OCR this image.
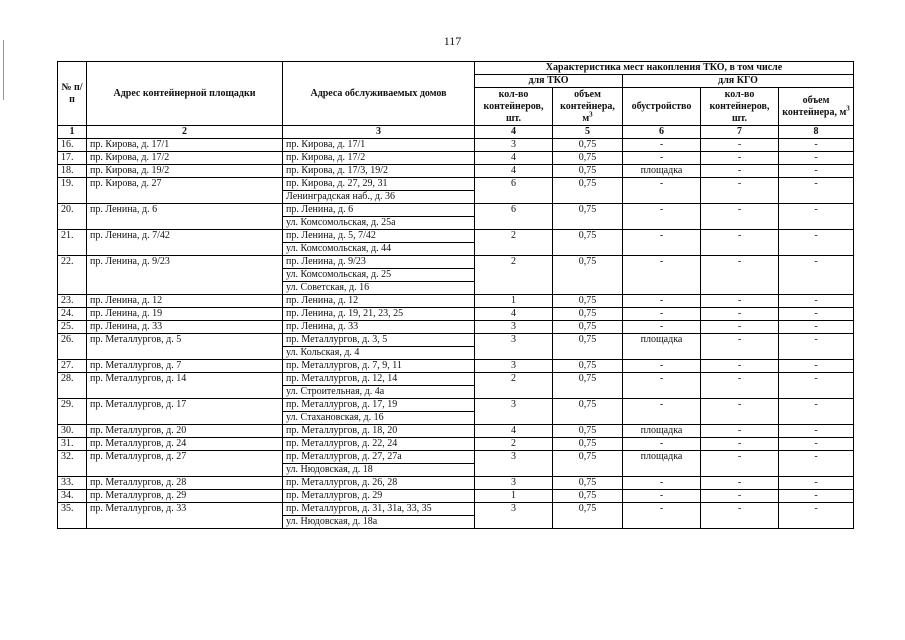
117
№ п/п	Адрес контейнерной площадки	Адреса обслуживаемых домов	Характеристика мест накопления ТКО, в том числе				
			для ТКО		для КГО		
			кол-во контейнеров, шт.	объем контейнера, $м^3$	обустройство	кол-во контейнеров, шт.	объем контейнера, $м^3$
1	2	3	4	5	6	7	8
16.	пр. Кирова, д. 17/1	пр. Кирова, д. 17/1	3	0,75	-	-	-
17.	пр. Кирова, д. 17/2	пр. Кирова, д. 17/2	4	0,75	-	-	-
18.	пр. Кирова, д. 19/2	пр. Кирова, д. 17/3, 19/2	4	0,75	площадка	-	-
19.	пр. Кирова, д. 27	пр. Кирова, д. 27, 29, 31	6	0,75	-	-	-
		Ленинградская наб., д. 36					
20.	пр. Ленина, д. 6	пр. Ленина, д. 6	6	0,75	-	-	-
		ул. Комсомольская, д. 25а					
21.	пр. Ленина, д. 7/42	пр. Ленина, д. 5, 7/42	2	0,75	-	-	-
		ул. Комсомольская, д. 44					
22.	пр. Ленина, д. 9/23	пр. Ленина, д. 9/23	2	0,75	-	-	-
		ул. Комсомольская, д. 25					
		ул. Советская, д. 16					
23.	пр. Ленина, д. 12	пр. Ленина, д. 12	1	0,75	-	-	-
24.	пр. Ленина, д. 19	пр. Ленина, д. 19, 21, 23, 25	4	0,75	-	-	-
25.	пр. Ленина, д. 33	пр. Ленина, д. 33	3	0,75	-	-	-
26.	пр. Металлургов, д. 5	пр. Металлургов, д. 3, 5	3	0,75	площадка	-	-
		ул. Кольская, д. 4					
27.	пр. Металлургов, д. 7	пр. Металлургов, д. 7, 9, 11	3	0,75	-	-	-
28.	пр. Металлургов, д. 14	пр. Металлургов, д. 12, 14	2	0,75	-	-	-
		ул. Строительная, д. 4а					
29.	пр. Металлургов, д. 17	пр. Металлургов, д. 17, 19	3	0,75	-	-	-
		ул. Стахановская, д. 16					
30.	пр. Металлургов, д. 20	пр. Металлургов, д. 18, 20	4	0,75	площадка	-	-
31.	пр. Металлургов, д. 24	пр. Металлургов, д. 22, 24	2	0,75	-	-	-
32.	пр. Металлургов, д. 27	пр. Металлургов, д. 27, 27а	3	0,75	площадка	-	-
		ул. Нюдовская, д. 18					
33.	пр. Металлургов, д. 28	пр. Металлургов, д. 26, 28	3	0,75	-	-	-
34.	пр. Металлургов, д. 29	пр. Металлургов, д. 29	1	0,75	-	-	-
35.	пр. Металлургов, д. 33	пр. Металлургов, д. 31, 31а, 33, 35	3	0,75	-	-	-
		ул. Нюдовская, д. 18а					
